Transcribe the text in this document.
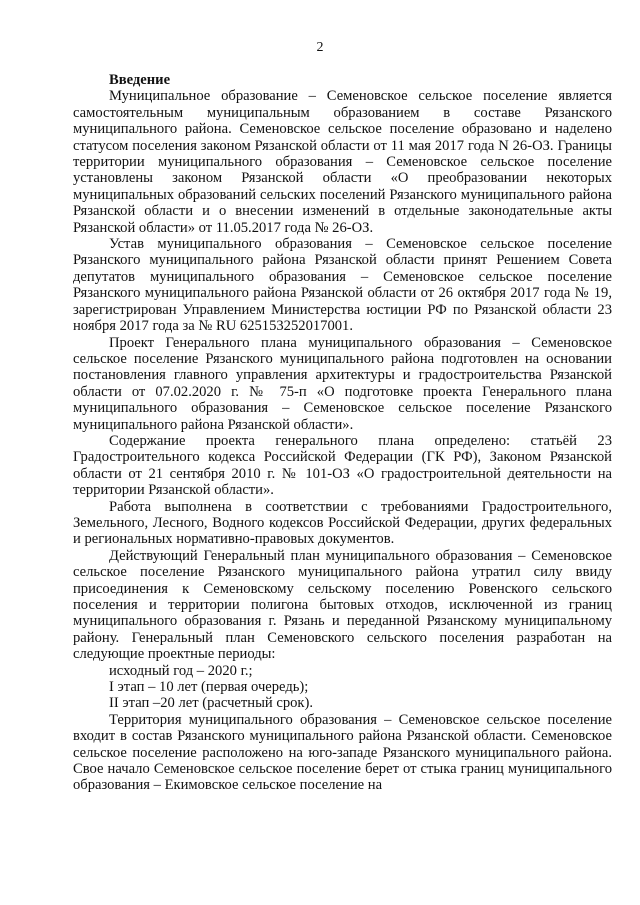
2
Введение

Муниципальное образование – Семеновское сельское поселение является самостоятельным муниципальным образованием в составе Рязанского муниципального района. Семеновское сельское поселение образовано и наделено статусом поселения законом Рязанской области от 11 мая 2017 года N 26-ОЗ. Границы территории муниципального образования – Семеновское сельское поселение установлены законом Рязанской области «О преобразовании некоторых муниципальных образований сельских поселений Рязанского муниципального района Рязанской области и о внесении изменений в отдельные законодательные акты Рязанской области» от 11.05.2017 года № 26-ОЗ.

Устав муниципального образования – Семеновское сельское поселение Рязанского муниципального района Рязанской области принят Решением Совета депутатов муниципального образования – Семеновское сельское поселение Рязанского муниципального района Рязанской области от 26 октября 2017 года № 19, зарегистрирован Управлением Министерства юстиции РФ по Рязанской области 23 ноября 2017 года за № RU 625153252017001.

Проект Генерального плана муниципального образования – Семеновское сельское поселение Рязанского муниципального района подготовлен на основании постановления главного управления архитектуры и градостроительства Рязанской области от 07.02.2020 г. № 75-п «О подготовке проекта Генерального плана муниципального образования – Семеновское сельское поселение Рязанского муниципального района Рязанской области».

Содержание проекта генерального плана определено: статьёй 23 Градостроительного кодекса Российской Федерации (ГК РФ), Законом Рязанской области от 21 сентября 2010 г. № 101-ОЗ «О градостроительной деятельности на территории Рязанской области».

Работа выполнена в соответствии с требованиями Градостроительного, Земельного, Лесного, Водного кодексов Российской Федерации, других федеральных и региональных нормативно-правовых документов.

Действующий Генеральный план муниципального образования – Семеновское сельское поселение Рязанского муниципального района утратил силу ввиду присоединения к Семеновскому сельскому поселению Ровенского сельского поселения и территории полигона бытовых отходов, исключенной из границ муниципального образования г. Рязань и переданной Рязанскому муниципальному району. Генеральный план Семеновского сельского поселения разработан на следующие проектные периоды:

исходный год – 2020 г.;

I этап – 10 лет (первая очередь);

II этап –20 лет (расчетный срок).

Территория муниципального образования – Семеновское сельское поселение входит в состав Рязанского муниципального района Рязанской области. Семеновское сельское поселение расположено на юго-западе Рязанского муниципального района. Свое начало Семеновское сельское поселение берет от стыка границ муниципального образования – Екимовское сельское поселение на
